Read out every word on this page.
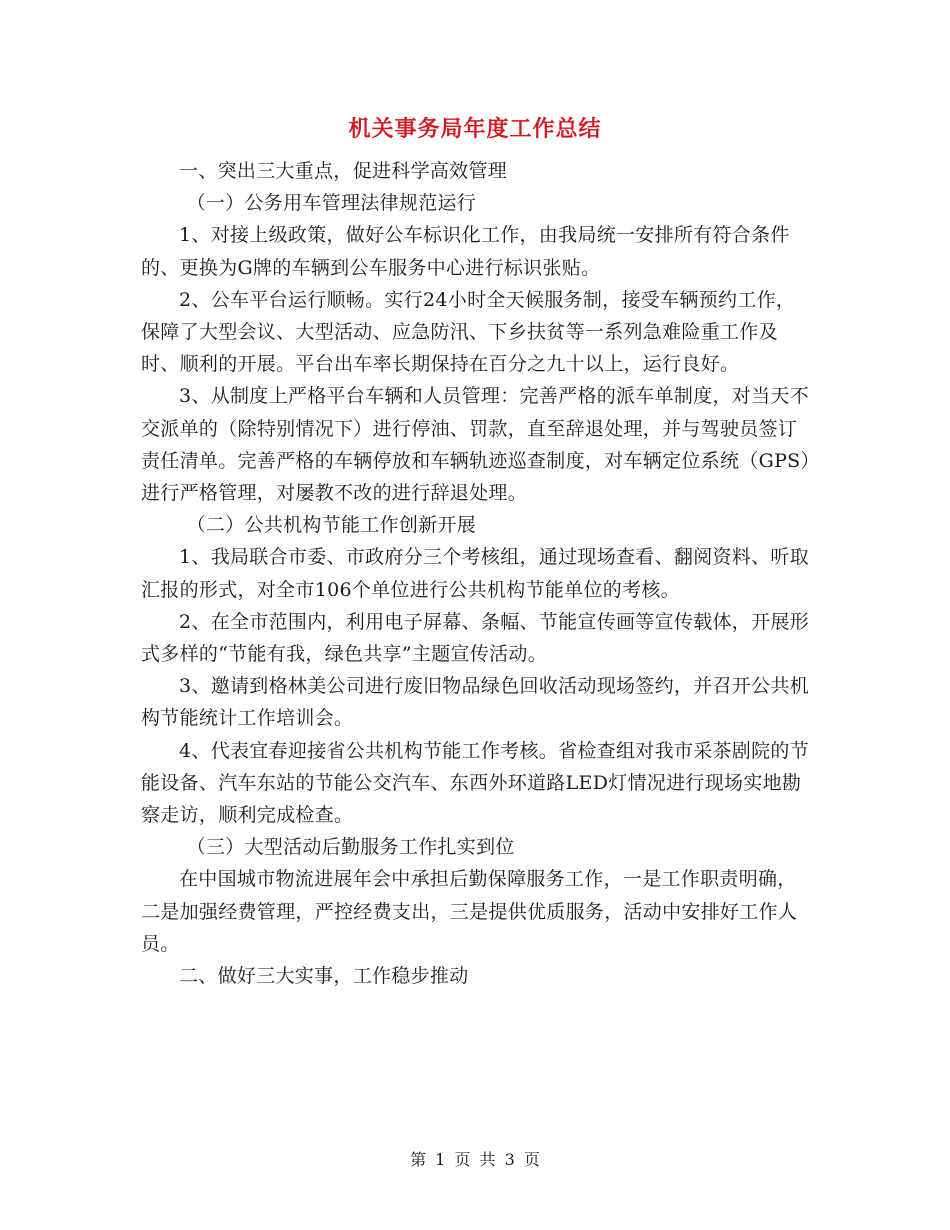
机关事务局年度工作总结

一、突出三大重点，促进科学高效管理

（一）公务用车管理法律规范运行

1、对接上级政策，做好公车标识化工作，由我局统一安排所有符合条件的、更换为G牌的车辆到公车服务中心进行标识张贴。

2、公车平台运行顺畅。实行24小时全天候服务制，接受车辆预约工作，保障了大型会议、大型活动、应急防汛、下乡扶贫等一系列急难险重工作及时、顺利的开展。平台出车率长期保持在百分之九十以上，运行良好。

3、从制度上严格平台车辆和人员管理：完善严格的派车单制度，对当天不交派单的（除特别情况下）进行停油、罚款，直至辞退处理，并与驾驶员签订责任清单。完善严格的车辆停放和车辆轨迹巡查制度，对车辆定位系统（GPS）进行严格管理，对屡教不改的进行辞退处理。

（二）公共机构节能工作创新开展

1、我局联合市委、市政府分三个考核组，通过现场查看、翻阅资料、听取汇报的形式，对全市106个单位进行公共机构节能单位的考核。

2、在全市范围内，利用电子屏幕、条幅、节能宣传画等宣传载体，开展形式多样的“节能有我，绿色共享”主题宣传活动。

3、邀请到格林美公司进行废旧物品绿色回收活动现场签约，并召开公共机构节能统计工作培训会。

4、代表宜春迎接省公共机构节能工作考核。省检查组对我市采茶剧院的节能设备、汽车东站的节能公交汽车、东西外环道路LED灯情况进行现场实地勘察走访，顺利完成检查。

（三）大型活动后勤服务工作扎实到位

在中国城市物流进展年会中承担后勤保障服务工作，一是工作职责明确，二是加强经费管理，严控经费支出，三是提供优质服务，活动中安排好工作人员。

二、做好三大实事，工作稳步推动

第 1 页 共 3 页
